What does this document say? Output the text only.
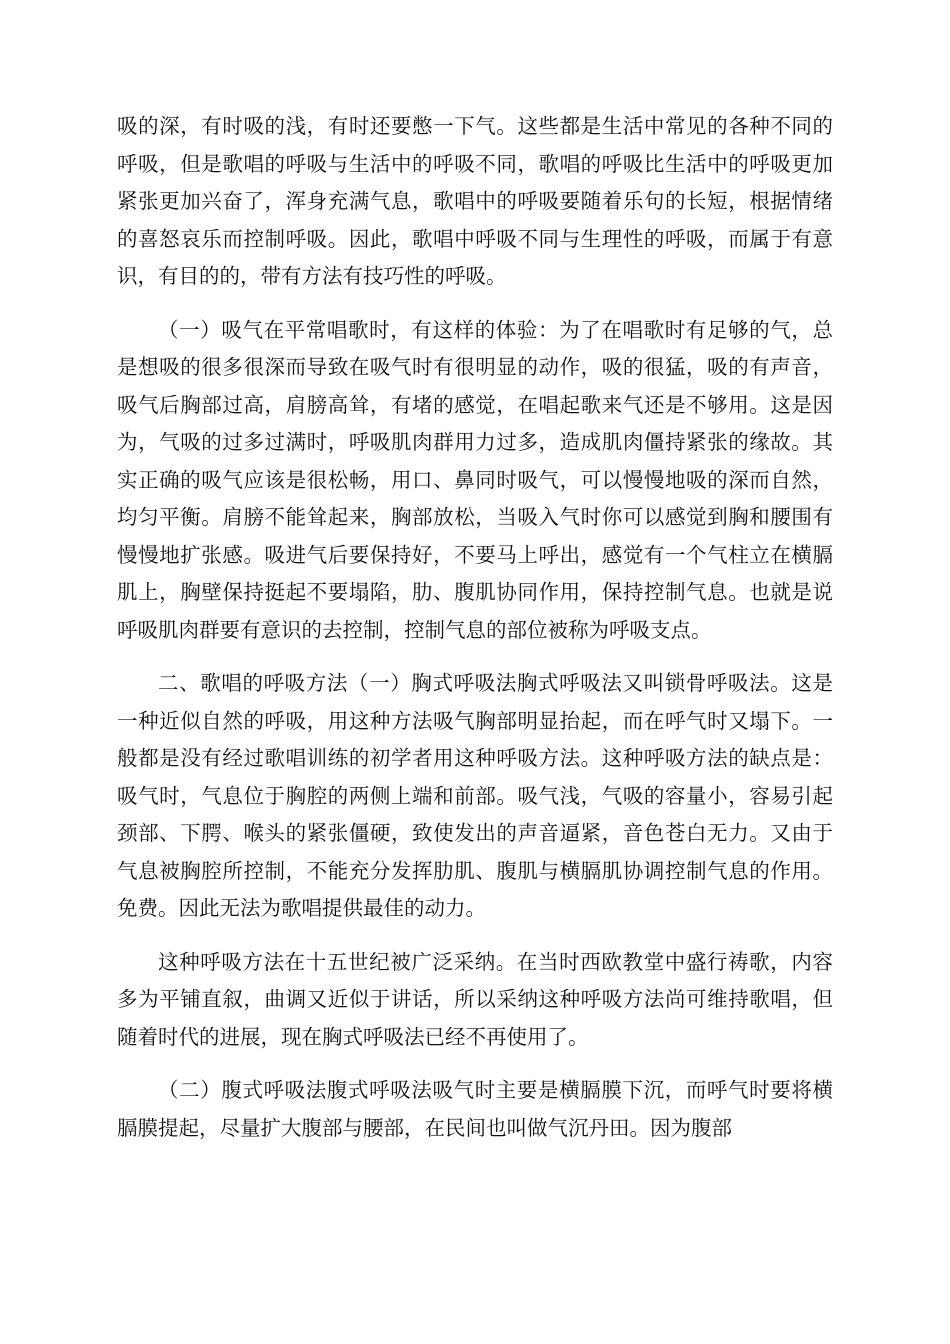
吸的深，有时吸的浅，有时还要憋一下气。这些都是生活中常见的各种不同的呼吸，但是歌唱的呼吸与生活中的呼吸不同，歌唱的呼吸比生活中的呼吸更加紧张更加兴奋了，浑身充满气息，歌唱中的呼吸要随着乐句的长短，根据情绪的喜怒哀乐而控制呼吸。因此，歌唱中呼吸不同与生理性的呼吸，而属于有意识，有目的的，带有方法有技巧性的呼吸。

（一）吸气在平常唱歌时，有这样的体验：为了在唱歌时有足够的气，总是想吸的很多很深而导致在吸气时有很明显的动作，吸的很猛，吸的有声音，吸气后胸部过高，肩膀高耸，有堵的感觉，在唱起歌来气还是不够用。这是因为，气吸的过多过满时，呼吸肌肉群用力过多，造成肌肉僵持紧张的缘故。其实正确的吸气应该是很松畅，用口、鼻同时吸气，可以慢慢地吸的深而自然，均匀平衡。肩膀不能耸起来，胸部放松，当吸入气时你可以感觉到胸和腰围有慢慢地扩张感。吸进气后要保持好，不要马上呼出，感觉有一个气柱立在横膈肌上，胸壁保持挺起不要塌陷，肋、腹肌协同作用，保持控制气息。也就是说呼吸肌肉群要有意识的去控制，控制气息的部位被称为呼吸支点。

二、歌唱的呼吸方法（一）胸式呼吸法胸式呼吸法又叫锁骨呼吸法。这是一种近似自然的呼吸，用这种方法吸气胸部明显抬起，而在呼气时又塌下。一般都是没有经过歌唱训练的初学者用这种呼吸方法。这种呼吸方法的缺点是：吸气时，气息位于胸腔的两侧上端和前部。吸气浅，气吸的容量小，容易引起颈部、下腭、喉头的紧张僵硬，致使发出的声音逼紧，音色苍白无力。又由于气息被胸腔所控制，不能充分发挥肋肌、腹肌与横膈肌协调控制气息的作用。免费。因此无法为歌唱提供最佳的动力。

这种呼吸方法在十五世纪被广泛采纳。在当时西欧教堂中盛行祷歌，内容多为平铺直叙，曲调又近似于讲话，所以采纳这种呼吸方法尚可维持歌唱，但随着时代的进展，现在胸式呼吸法已经不再使用了。

（二）腹式呼吸法腹式呼吸法吸气时主要是横膈膜下沉，而呼气时要将横膈膜提起，尽量扩大腹部与腰部，在民间也叫做气沉丹田。因为腹部
